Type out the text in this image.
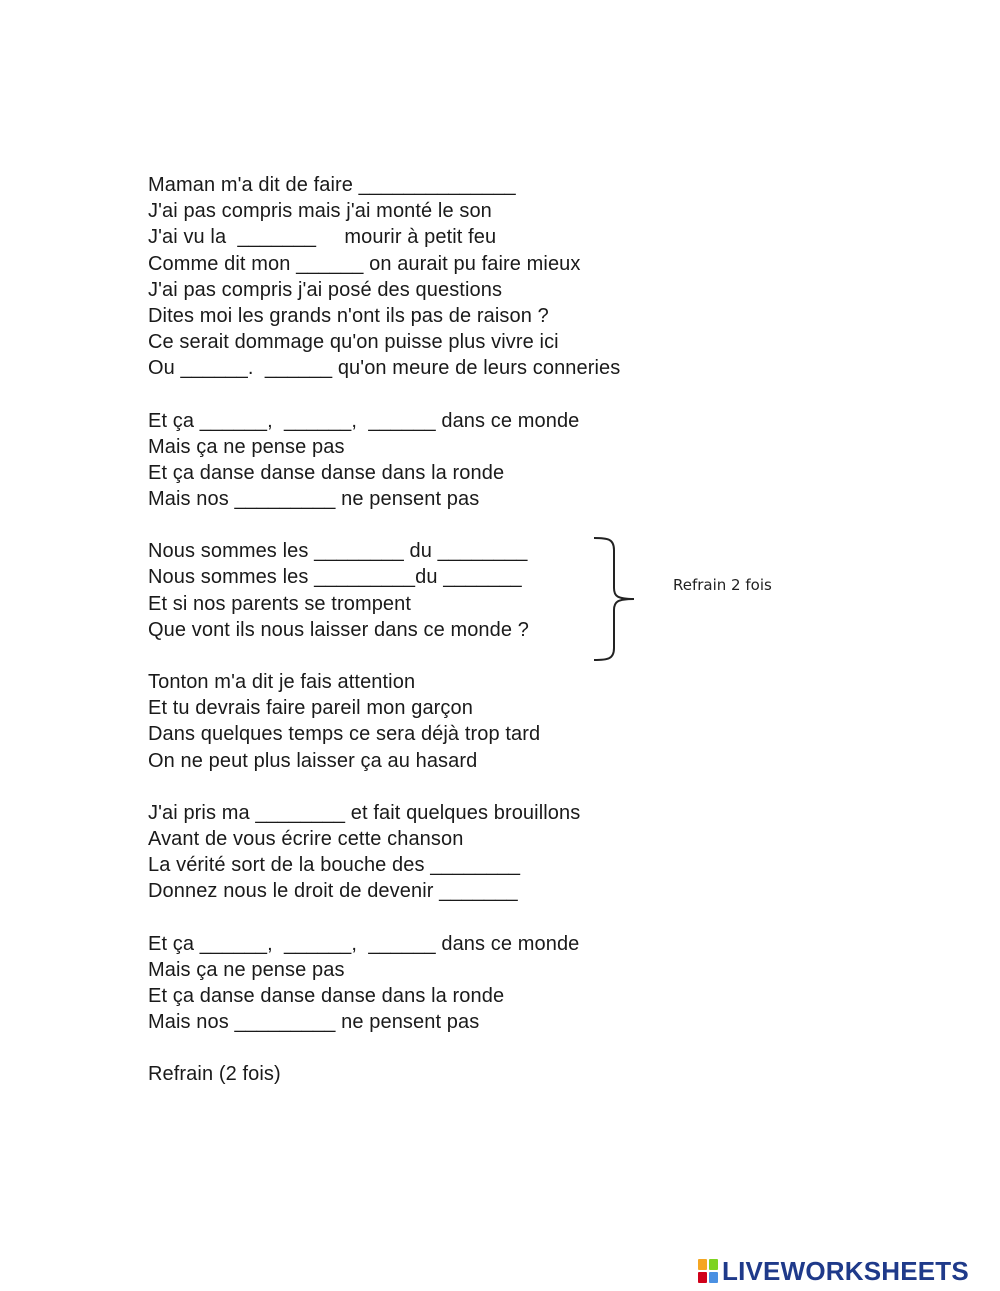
Maman m'a dit de faire ______________
J'ai pas compris mais j'ai monté le son
J'ai vu la  _______     mourir à petit feu
Comme dit mon ______ on aurait pu faire mieux
J'ai pas compris j'ai posé des questions
Dites moi les grands n'ont ils pas de raison ?
Ce serait dommage qu'on puisse plus vivre ici
Ou ______.  ______ qu'on meure de leurs conneries
Et ça ______,  ______,  ______ dans ce monde
Mais ça ne pense pas
Et ça danse danse danse dans la ronde
Mais nos _________ ne pensent pas
Nous sommes les ________ du ________
Nous sommes les _________du _______
Et si nos parents se trompent
Que vont ils nous laisser dans ce monde ?
Tonton m'a dit je fais attention
Et tu devrais faire pareil mon garçon
Dans quelques temps ce sera déjà trop tard
On ne peut plus laisser ça au hasard
J'ai pris ma ________ et fait quelques brouillons
Avant de vous écrire cette chanson
La vérité sort de la bouche des ________
Donnez nous le droit de devenir _______
Et ça ______,  ______,  ______ dans ce monde
Mais ça ne pense pas
Et ça danse danse danse dans la ronde
Mais nos _________ ne pensent pas
Refrain (2 fois)
Refrain 2 fois
LIVEWORKSHEETS
